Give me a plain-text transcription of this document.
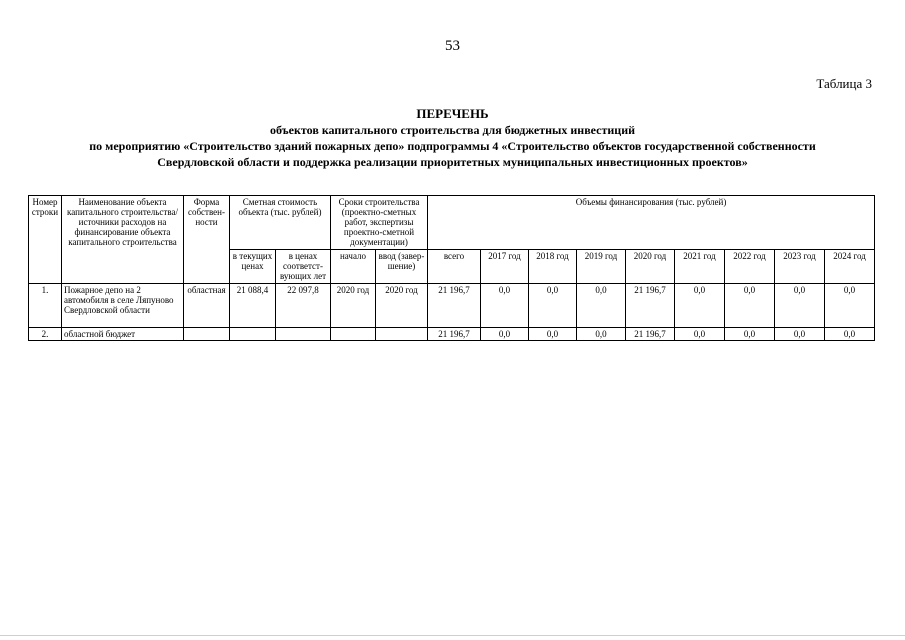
53
Таблица 3
ПЕРЕЧЕНЬ
объектов капитального строительства для бюджетных инвестиций
по мероприятию «Строительство зданий пожарных депо» подпрограммы 4 «Строительство объектов государственной собственности
Свердловской области и поддержка реализации приоритетных муниципальных инвестиционных проектов»
Номер строки	Наименование объекта капитального строительства/ источники расходов на финансирование объекта капитального строительства	Форма собствен-ности	Сметная стоимость объекта (тыс. рублей)		Сроки строительства (проектно-сметных работ, экспертизы проектно-сметной документации)		Объемы финансирования (тыс. рублей)								
			в текущих ценах	в ценах соответст-вующих лет	начало	ввод (завер-шение)	всего	2017 год	2018 год	2019 год	2020 год	2021 год	2022 год	2023 год	2024 год
1.	Пожарное депо на 2 автомобиля в селе Ляпуново Свердловской области	областная	21 088,4	22 097,8	2020 год	2020 год	21 196,7	0,0	0,0	0,0	21 196,7	0,0	0,0	0,0	0,0
2.	областной бюджет						21 196,7	0,0	0,0	0,0	21 196,7	0,0	0,0	0,0	0,0
